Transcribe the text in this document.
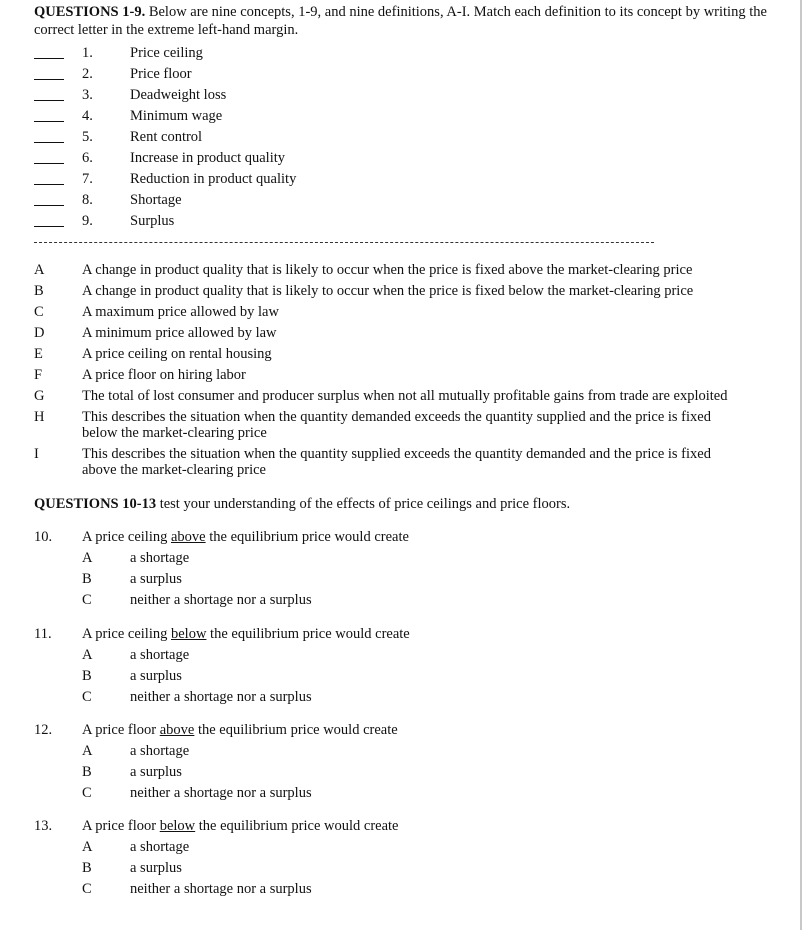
QUESTIONS 1-9. Below are nine concepts, 1-9, and nine definitions, A-I. Match each definition to its concept by writing the correct letter in the extreme left-hand margin.
1.	Price ceiling
2.	Price floor
3.	Deadweight loss
4.	Minimum wage
5.	Rent control
6.	Increase in product quality
7.	Reduction in product quality
8.	Shortage
9.	Surplus
A	A change in product quality that is likely to occur when the price is fixed above the market-clearing price
B	A change in product quality that is likely to occur when the price is fixed below the market-clearing price
C	A maximum price allowed by law
D	A minimum price allowed by law
E	A price ceiling on rental housing
F	A price floor on hiring labor
G	The total of lost consumer and producer surplus when not all mutually profitable gains from trade are exploited
H	This describes the situation when the quantity demanded exceeds the quantity supplied and the price is fixed below the market-clearing price
I	This describes the situation when the quantity supplied exceeds the quantity demanded and the price is fixed above the market-clearing price
QUESTIONS 10-13 test your understanding of the effects of price ceilings and price floors.
10. A price ceiling above the equilibrium price would create
A	a shortage
B	a surplus
C	neither a shortage nor a surplus
11. A price ceiling below the equilibrium price would create
A	a shortage
B	a surplus
C	neither a shortage nor a surplus
12. A price floor above the equilibrium price would create
A	a shortage
B	a surplus
C	neither a shortage nor a surplus
13. A price floor below the equilibrium price would create
A	a shortage
B	a surplus
C	neither a shortage nor a surplus
